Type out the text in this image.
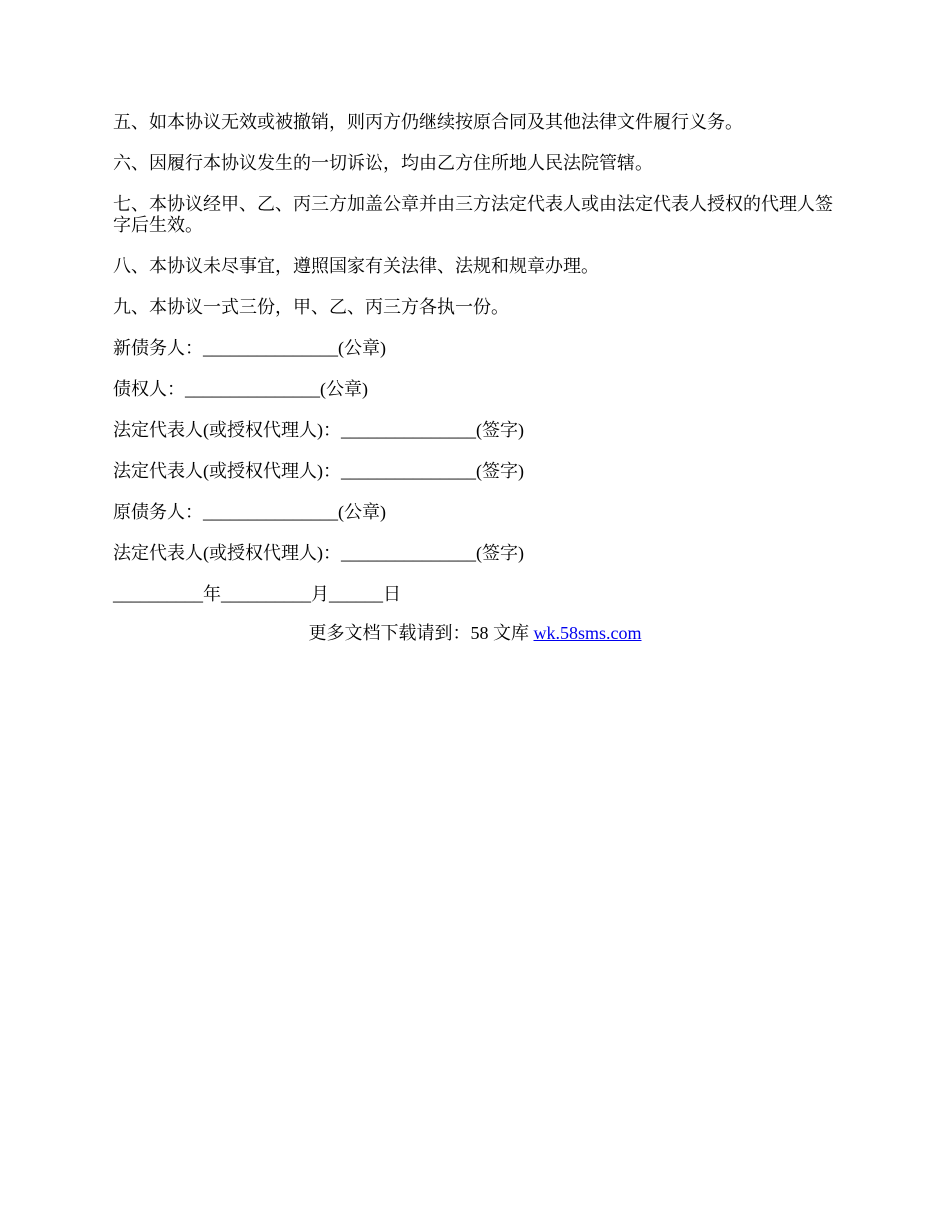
五、如本协议无效或被撤销，则丙方仍继续按原合同及其他法律文件履行义务。

六、因履行本协议发生的一切诉讼，均由乙方住所地人民法院管辖。

七、本协议经甲、乙、丙三方加盖公章并由三方法定代表人或由法定代表人授权的代理人签字后生效。

八、本协议未尽事宜，遵照国家有关法律、法规和规章办理。

九、本协议一式三份，甲、乙、丙三方各执一份。

新债务人：_______________(公章)

债权人：_______________(公章)

法定代表人(或授权代理人)：_______________(签字)

法定代表人(或授权代理人)：_______________(签字)

原债务人：_______________(公章)

法定代表人(或授权代理人)：_______________(签字)

__________年__________月______日

更多文档下载请到：58 文库 wk.58sms.com
